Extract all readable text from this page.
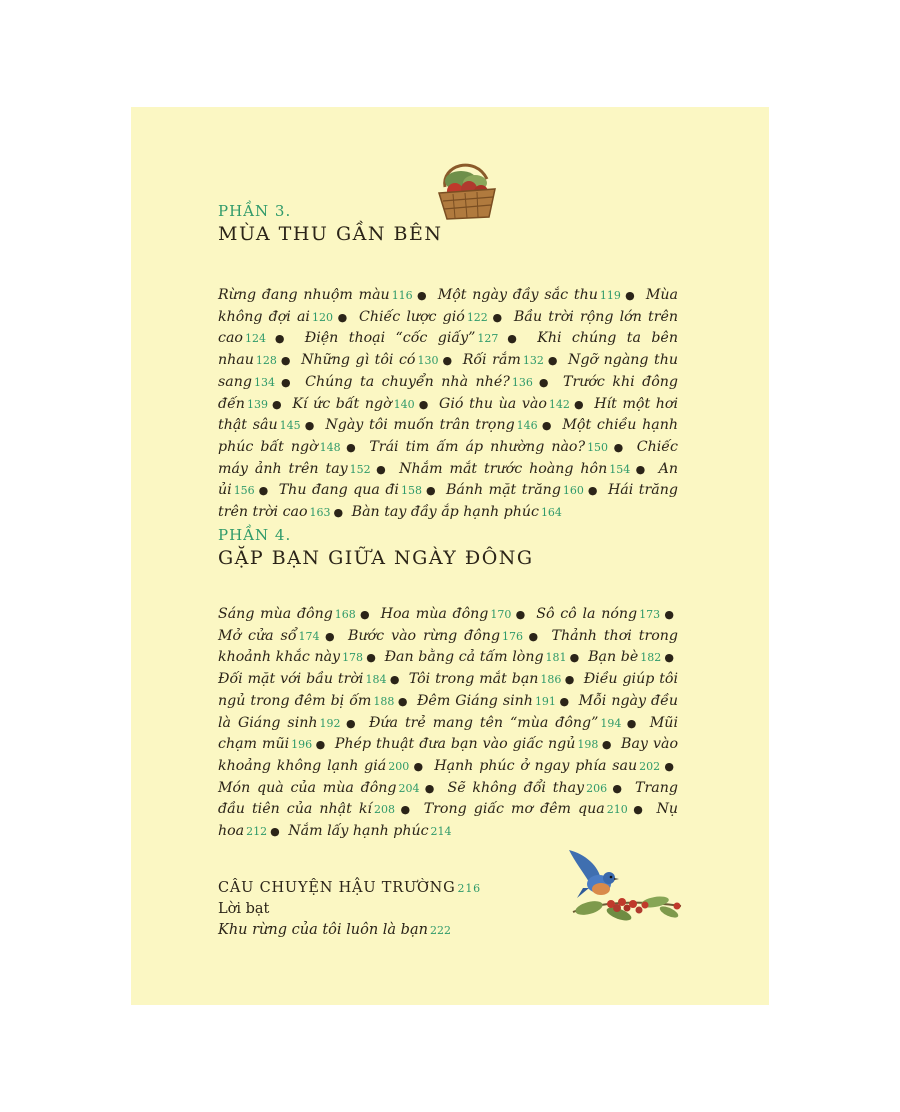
PHẦN 3.

MÙA THU GẦN BÊN

Rừng đang nhuộm màu 116 ● Một ngày đầy sắc thu 119 ● Mùa không đợi ai 120 ● Chiếc lược gió 122 ● Bầu trời rộng lớn trên cao 124 ● Điện thoại “cốc giấy” 127 ● Khi chúng ta bên nhau 128 ● Những gì tôi có 130 ● Rối rắm 132 ● Ngỡ ngàng thu sang 134 ● Chúng ta chuyển nhà nhé? 136 ● Trước khi đông đến 139 ● Kí ức bất ngờ 140 ● Gió thu ùa vào 142 ● Hít một hơi thật sâu 145 ● Ngày tôi muốn trân trọng 146 ● Một chiều hạnh phúc bất ngờ 148 ● Trái tim ấm áp nhường nào? 150 ● Chiếc máy ảnh trên tay 152 ● Nhắm mắt trước hoàng hôn 154 ● An ủi 156 ● Thu đang qua đi 158 ● Bánh mặt trăng 160 ● Hái trăng trên trời cao 163 ● Bàn tay đầy ắp hạnh phúc 164

PHẦN 4.

GẶP BẠN GIỮA NGÀY ĐÔNG

Sáng mùa đông 168 ● Hoa mùa đông 170 ● Sô cô la nóng 173 ● Mở cửa sổ 174 ● Bước vào rừng đông 176 ● Thảnh thơi trong khoảnh khắc này 178 ● Đan bằng cả tấm lòng 181 ● Bạn bè 182 ● Đối mặt với bầu trời 184 ● Tôi trong mắt bạn 186 ● Điều giúp tôi ngủ trong đêm bị ốm 188 ● Đêm Giáng sinh 191 ● Mỗi ngày đều là Giáng sinh 192 ● Đứa trẻ mang tên “mùa đông” 194 ● Mũi chạm mũi 196 ● Phép thuật đưa bạn vào giấc ngủ 198 ● Bay vào khoảng không lạnh giá 200 ● Hạnh phúc ở ngay phía sau 202 ● Món quà của mùa đông 204 ● Sẽ không đổi thay 206 ● Trang đầu tiên của nhật kí 208 ● Trong giấc mơ đêm qua 210 ● Nụ hoa 212 ● Nắm lấy hạnh phúc 214

CÂU CHUYỆN HẬU TRƯỜNG 216

Lời bạt

Khu rừng của tôi luôn là bạn 222
